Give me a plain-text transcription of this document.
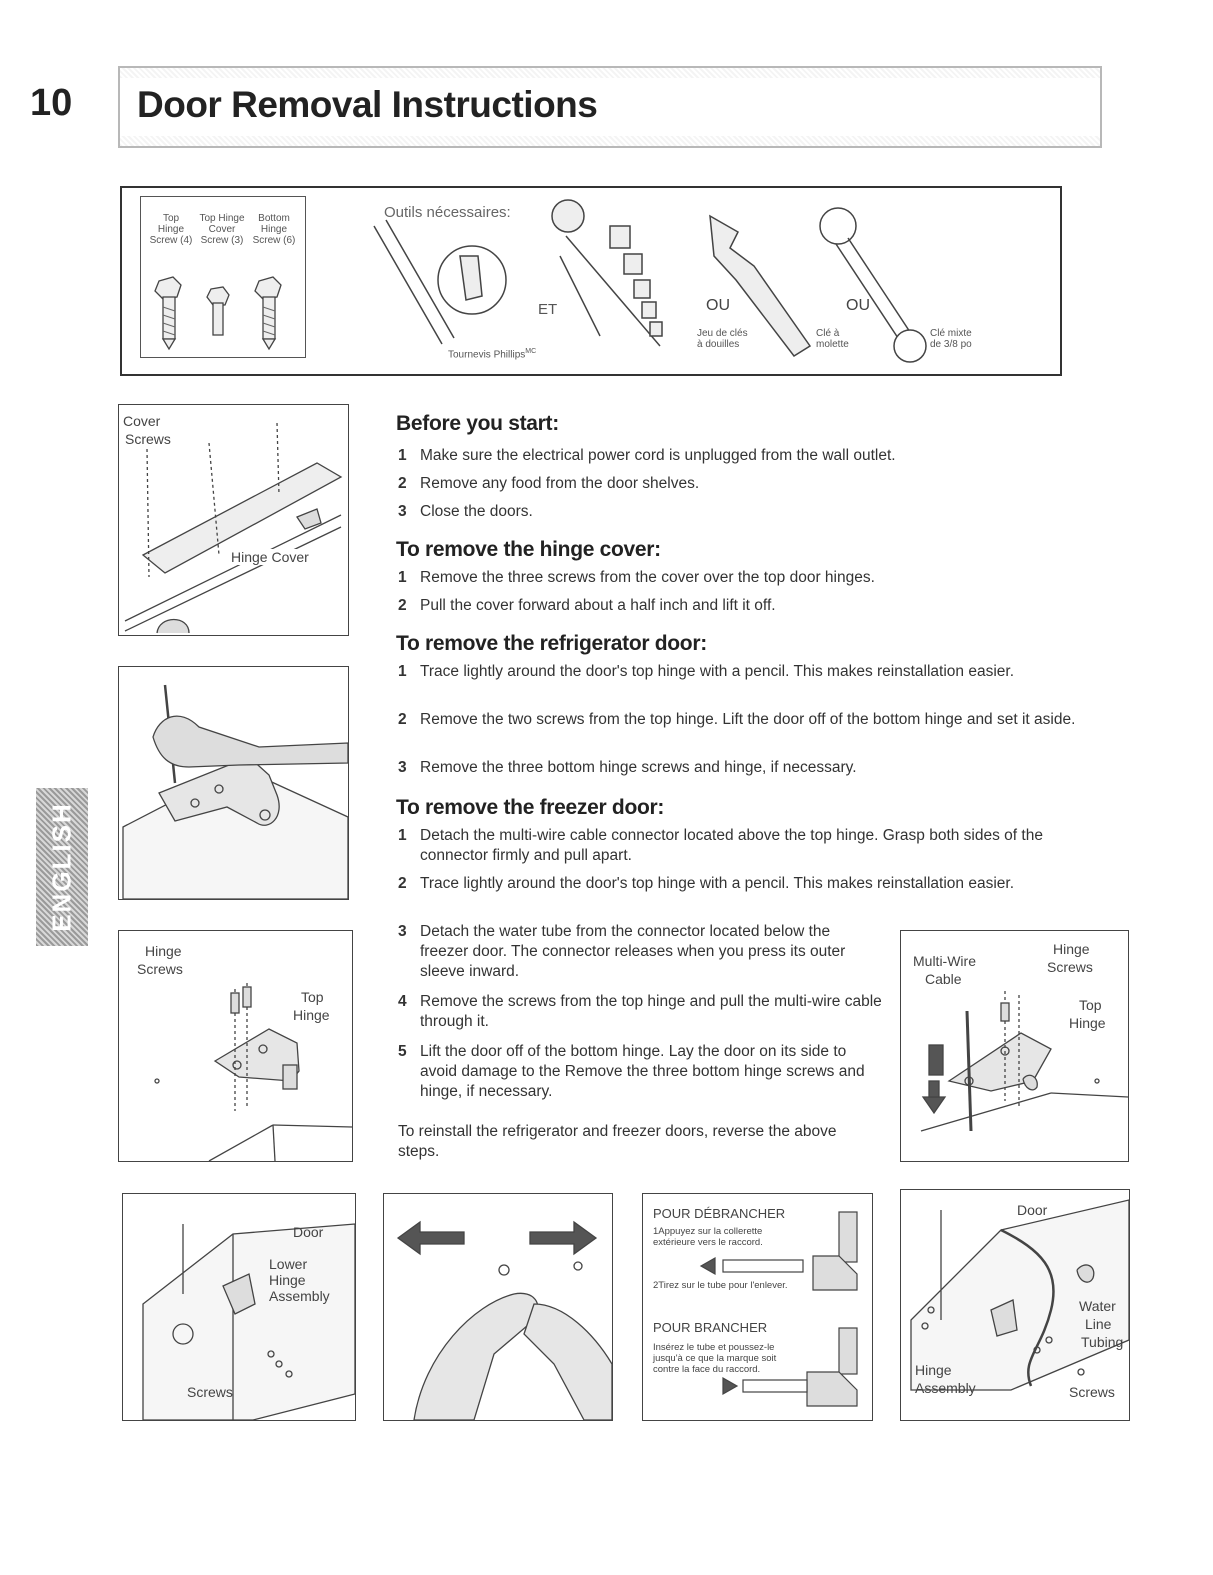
10 Door Removal Instructions
Top Hinge Screw (4)
Top Hinge Cover Screw (3)
Bottom Hinge Screw (6)
Outils nécessaires:
ET	OU	OU
Tournevis Phillips$^{MC}$
Jeu de clés à douilles
Clé à molette
Clé mixte de 3/8 po
ENGLISH
Cover
Screws
Hinge Cover
Hinge
Screws
Top
Hinge
Before you start:
1 Make sure the electrical power cord is unplugged from the wall outlet.
2 Remove any food from the door shelves.
3 Close the doors.
To remove the hinge cover:
1 Remove the three screws from the cover over the top door hinges.
2 Pull the cover forward about a half inch and lift it off.
To remove the refrigerator door:
1 Trace lightly around the door's top hinge with a pencil. This makes reinstallation easier.
2 Remove the two screws from the top hinge. Lift the door off of the bottom hinge and set it aside.
3 Remove the three bottom hinge screws and hinge, if necessary.
To remove the freezer door:
1 Detach the multi-wire cable connector located above the top hinge. Grasp both sides of the connector firmly and pull apart.
2 Trace lightly around the door's top hinge with a pencil. This makes reinstallation easier.
3 Detach the water tube from the connector located below the freezer door. The connector releases when you press its outer sleeve inward.
4 Remove the screws from the top hinge and pull the multi-wire cable through it.
5 Lift the door off of the bottom hinge. Lay the door on its side to avoid damage to the Remove the three bottom hinge screws and hinge, if necessary.
To reinstall the refrigerator and freezer doors, reverse the above steps.
Multi-Wire
Cable
Hinge
Screws
Top
Hinge
Door
Lower
Hinge
Assembly
Screws
POUR DÉBRANCHER
1Appuyez sur la collerette extérieure vers le raccord.
2Tirez sur le tube pour l'enlever.
POUR BRANCHER
Insérez le tube et poussez-le jusqu'à ce que la marque soit contre la face du raccord.
Door
Water
Line
Tubing
Hinge
Assembly	Screws
